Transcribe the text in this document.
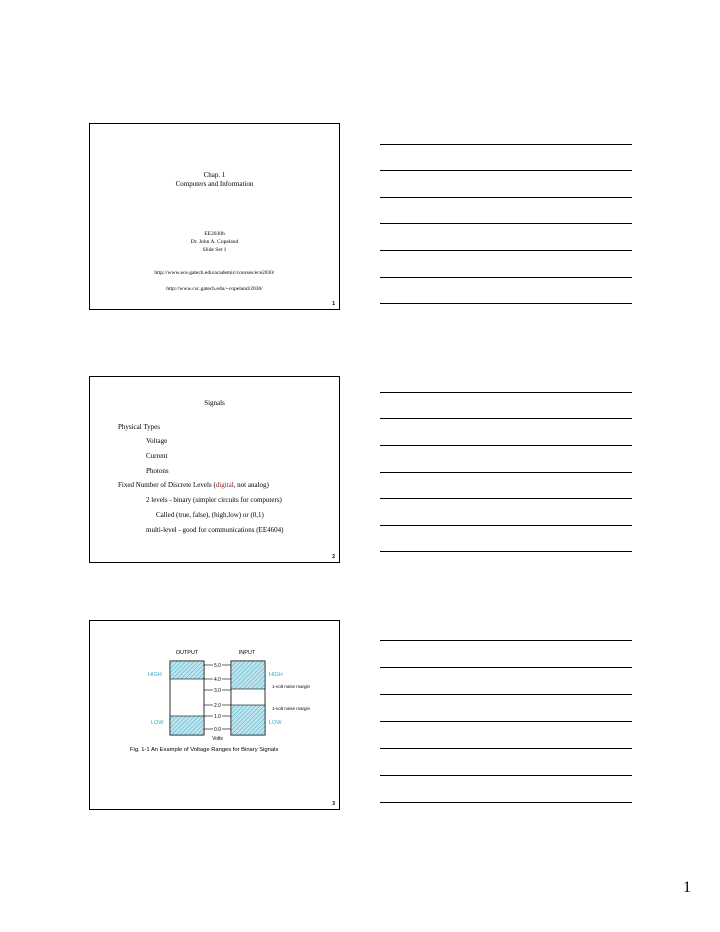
Chap. 1
Computers and Information
EE2030h
Dr. John A. Copeland
Slide Set 1
http://www.ece.gatech.edu/academic/courses/ece2030/
http://www.csc.gatech.edu/~copeland/2030/
1
Signals
Physical Types
Voltage
Current
Photons
Fixed Number of Discrete Levels (digital, not analog)
2 levels - binary (simpler circuits for computers)
Called (true, false), (high,low) or (0,1)
multi-level - good for communications (EE4604)
2
OUTPUT	INPUT
5.0
4.0
3.0
2.0
1.0
0.0
Volts
HIGH
LOW
HIGH
LOW
1-volt noise margin
1-volt noise margin
Fig. 1-1 An Example of Voltage Ranges for Binary Signals
3
1
